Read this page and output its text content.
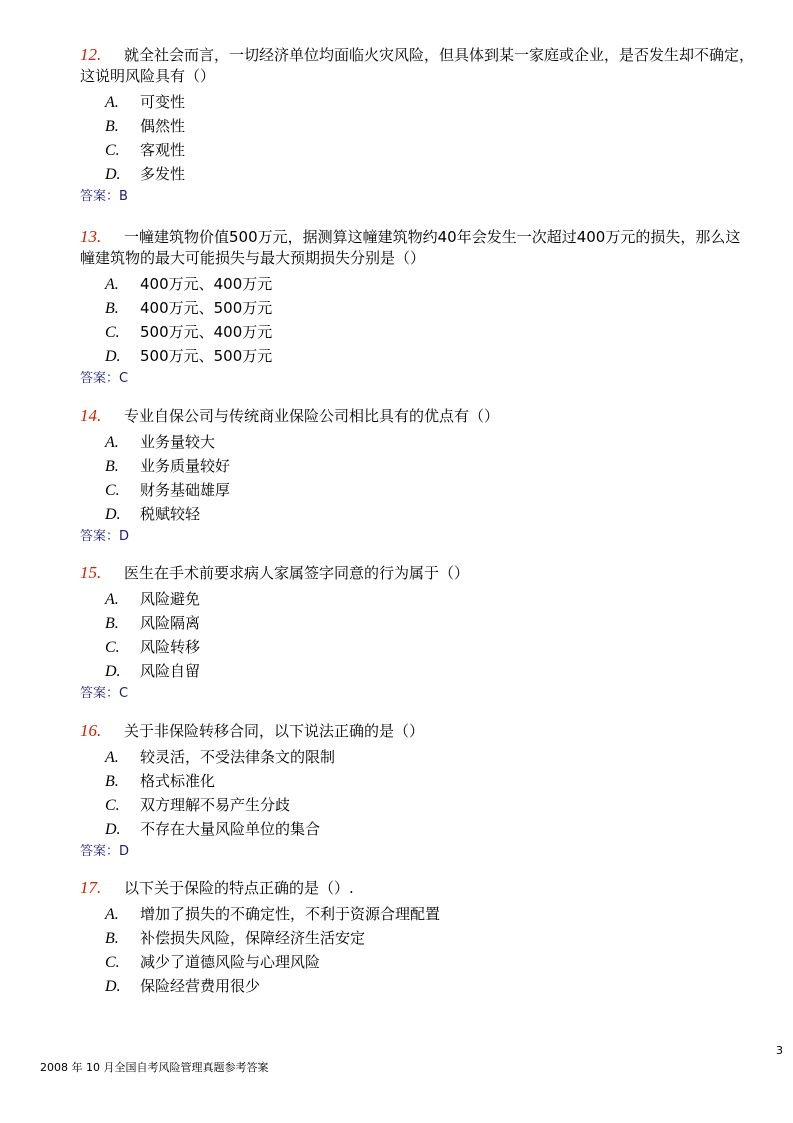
12. 就全社会而言，一切经济单位均面临火灾风险，但具体到某一家庭或企业，是否发生却不确定，这说明风险具有（）

A. 可变性
B. 偶然性
C. 客观性
D. 多发性
答案：B

13. 一幢建筑物价值500万元，据测算这幢建筑物约40年会发生一次超过400万元的损失，那么这幢建筑物的最大可能损失与最大预期损失分别是（）

A. 400万元、400万元
B. 400万元、500万元
C. 500万元、400万元
D. 500万元、500万元
答案：C

14. 专业自保公司与传统商业保险公司相比具有的优点有（）

A. 业务量较大
B. 业务质量较好
C. 财务基础雄厚
D. 税赋较轻
答案：D

15. 医生在手术前要求病人家属签字同意的行为属于（）

A. 风险避免
B. 风险隔离
C. 风险转移
D. 风险自留
答案：C

16. 关于非保险转移合同，以下说法正确的是（）

A. 较灵活，不受法律条文的限制
B. 格式标准化
C. 双方理解不易产生分歧
D. 不存在大量风险单位的集合
答案：D

17. 以下关于保险的特点正确的是（）.

A. 增加了损失的不确定性，不利于资源合理配置
B. 补偿损失风险，保障经济生活安定
C. 减少了道德风险与心理风险
D. 保险经营费用很少
3
2008 年 10 月全国自考风险管理真题参考答案
